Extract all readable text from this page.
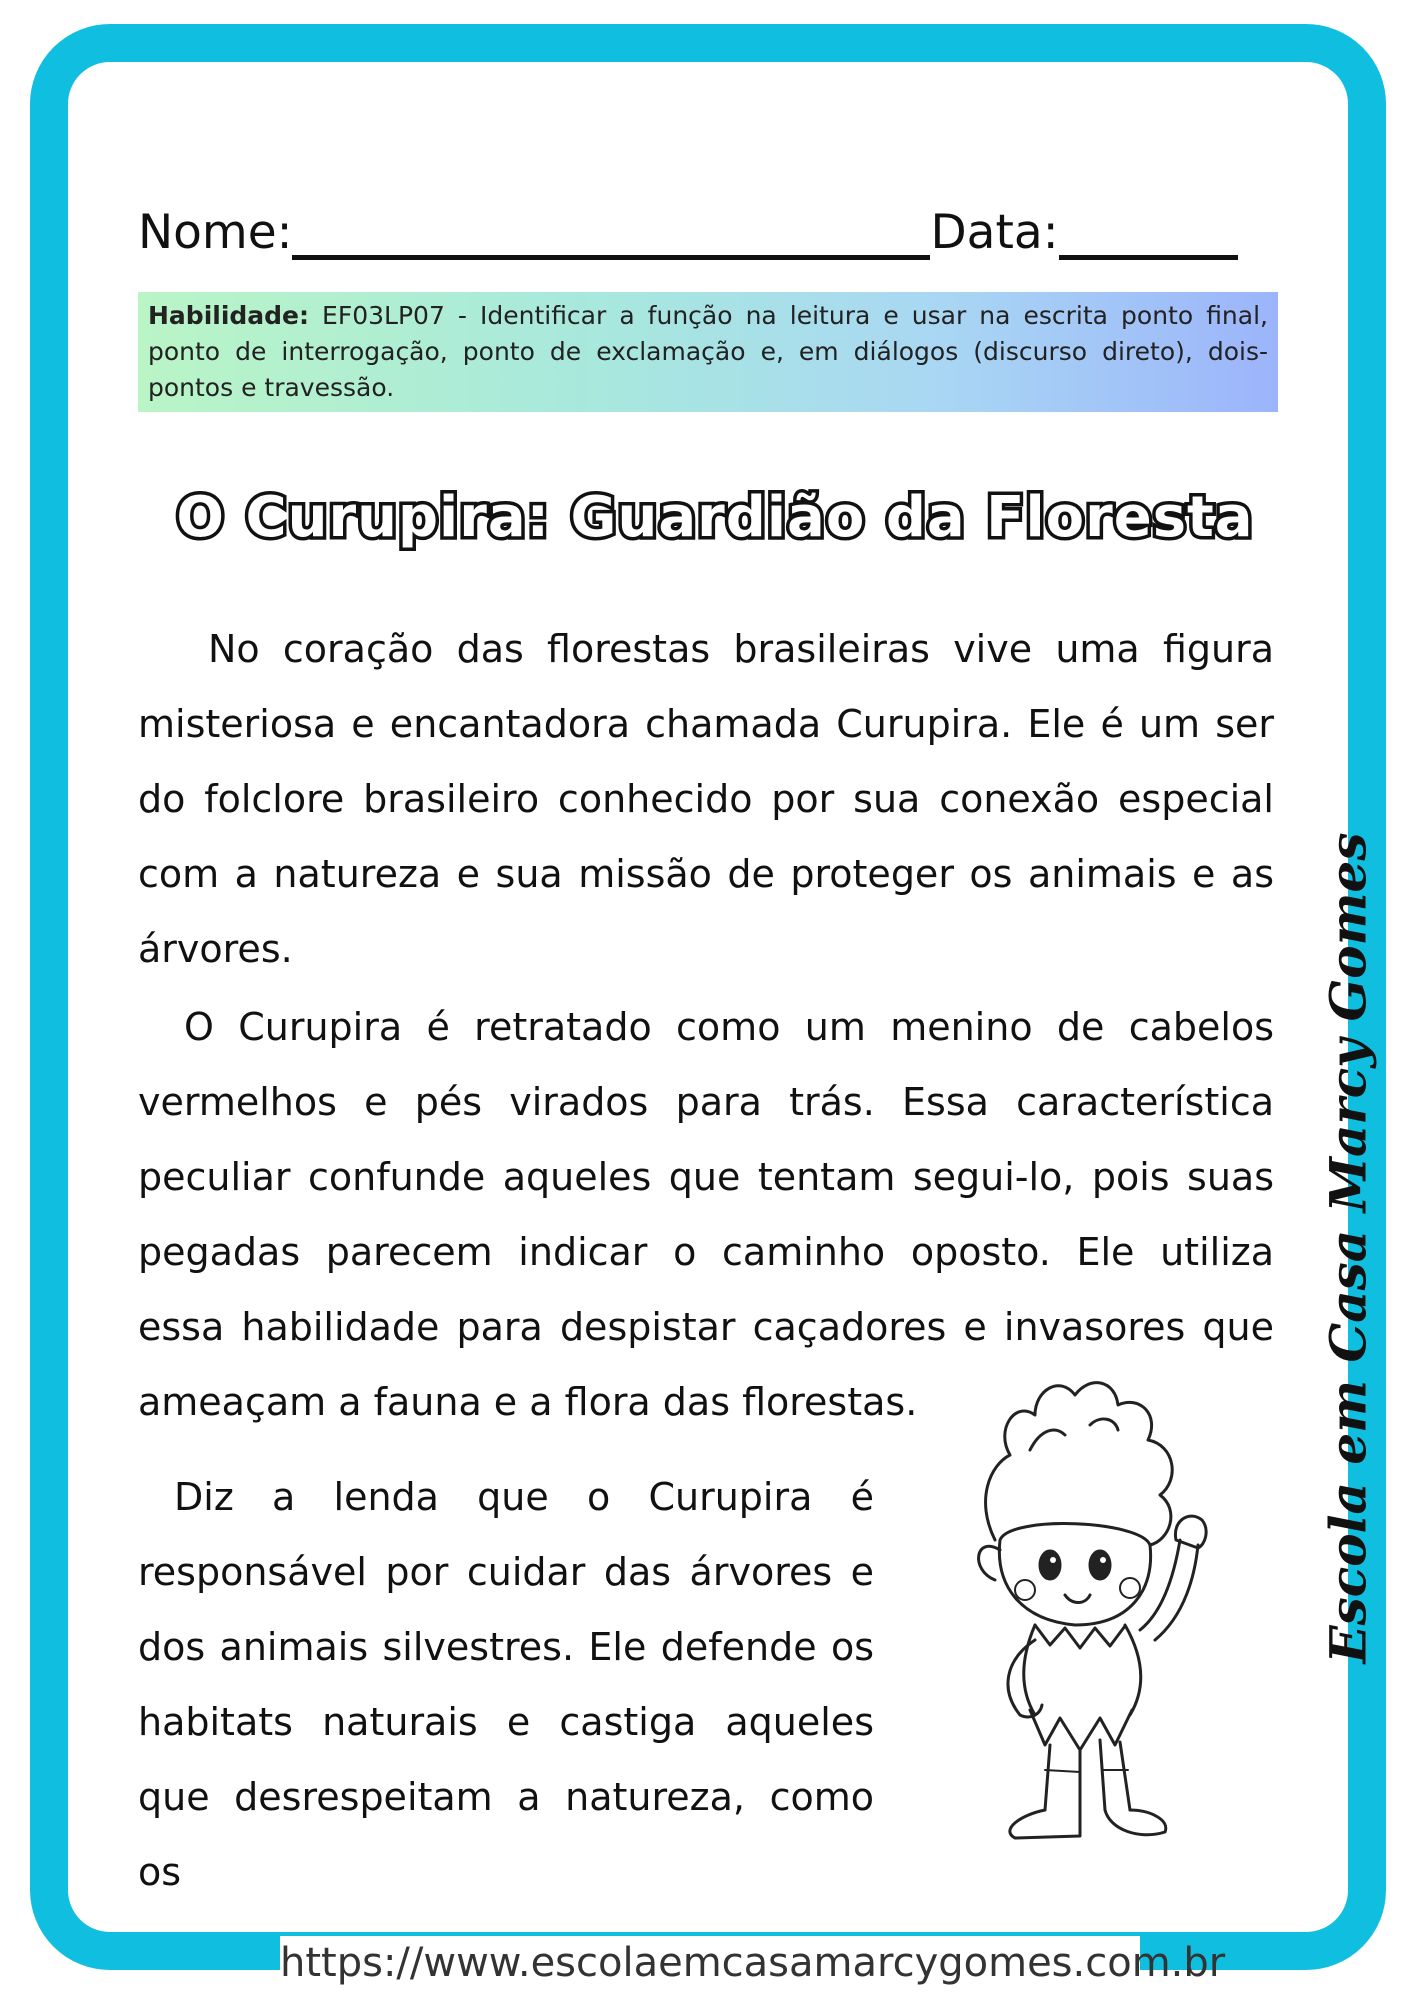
Nome:	Data:
Habilidade: EF03LP07 - Identificar a função na leitura e usar na escrita ponto final, ponto de interrogação, ponto de exclamação e, em diálogos (discurso direto), dois-pontos e travessão.
O Curupira: Guardião da Floresta

No coração das florestas brasileiras vive uma figura misteriosa e encantadora chamada Curupira. Ele é um ser do folclore brasileiro conhecido por sua conexão especial com a natureza e sua missão de proteger os animais e as árvores.

O Curupira é retratado como um menino de cabelos vermelhos e pés virados para trás. Essa característica peculiar confunde aqueles que tentam segui-lo, pois suas pegadas parecem indicar o caminho oposto. Ele utiliza essa habilidade para despistar caçadores e invasores que ameaçam a fauna e a flora das florestas.

Diz a lenda que o Curupira é responsável por cuidar das árvores e dos animais silvestres. Ele defende os habitats naturais e castiga aqueles que desrespeitam a natureza, como os

Escola em Casa Marcy Gomes
https://www.escolaemcasamarcygomes.com.br
